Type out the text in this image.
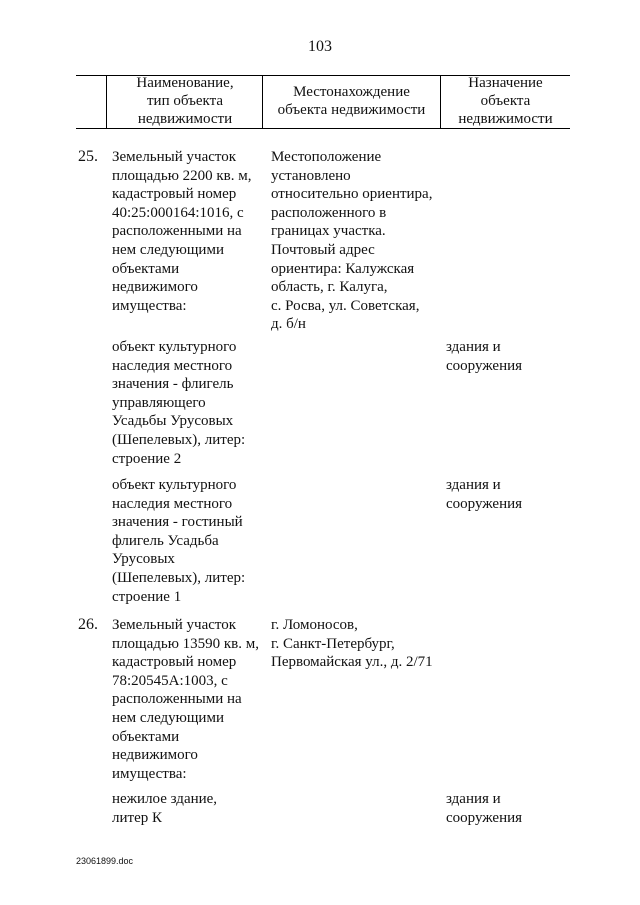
103
Наименование,
тип объекта
недвижимости
Местонахождение
объекта недвижимости
Назначение
объекта
недвижимости
25. Земельный участок
площадью 2200 кв. м,
кадастровый номер
40:25:000164:1016, с
расположенными на
нем следующими
объектами
недвижимого
имущества:
Местоположение
установлено
относительно ориентира,
расположенного в
границах участка.
Почтовый адрес
ориентира: Калужская
область, г. Калуга,
с. Росва, ул. Советская,
д. б/н
объект культурного
наследия местного
значения - флигель
управляющего
Усадьбы Урусовых
(Шепелевых), литер:
строение 2
здания и
сооружения
объект культурного
наследия местного
значения - гостиный
флигель Усадьба
Урусовых
(Шепелевых), литер:
строение 1
здания и
сооружения
26. Земельный участок
площадью 13590 кв. м,
кадастровый номер
78:20545А:1003, с
расположенными на
нем следующими
объектами
недвижимого
имущества:
г. Ломоносов,
г. Санкт-Петербург,
Первомайская ул., д. 2/71
нежилое здание,
литер К
здания и
сооружения
23061899.doc
